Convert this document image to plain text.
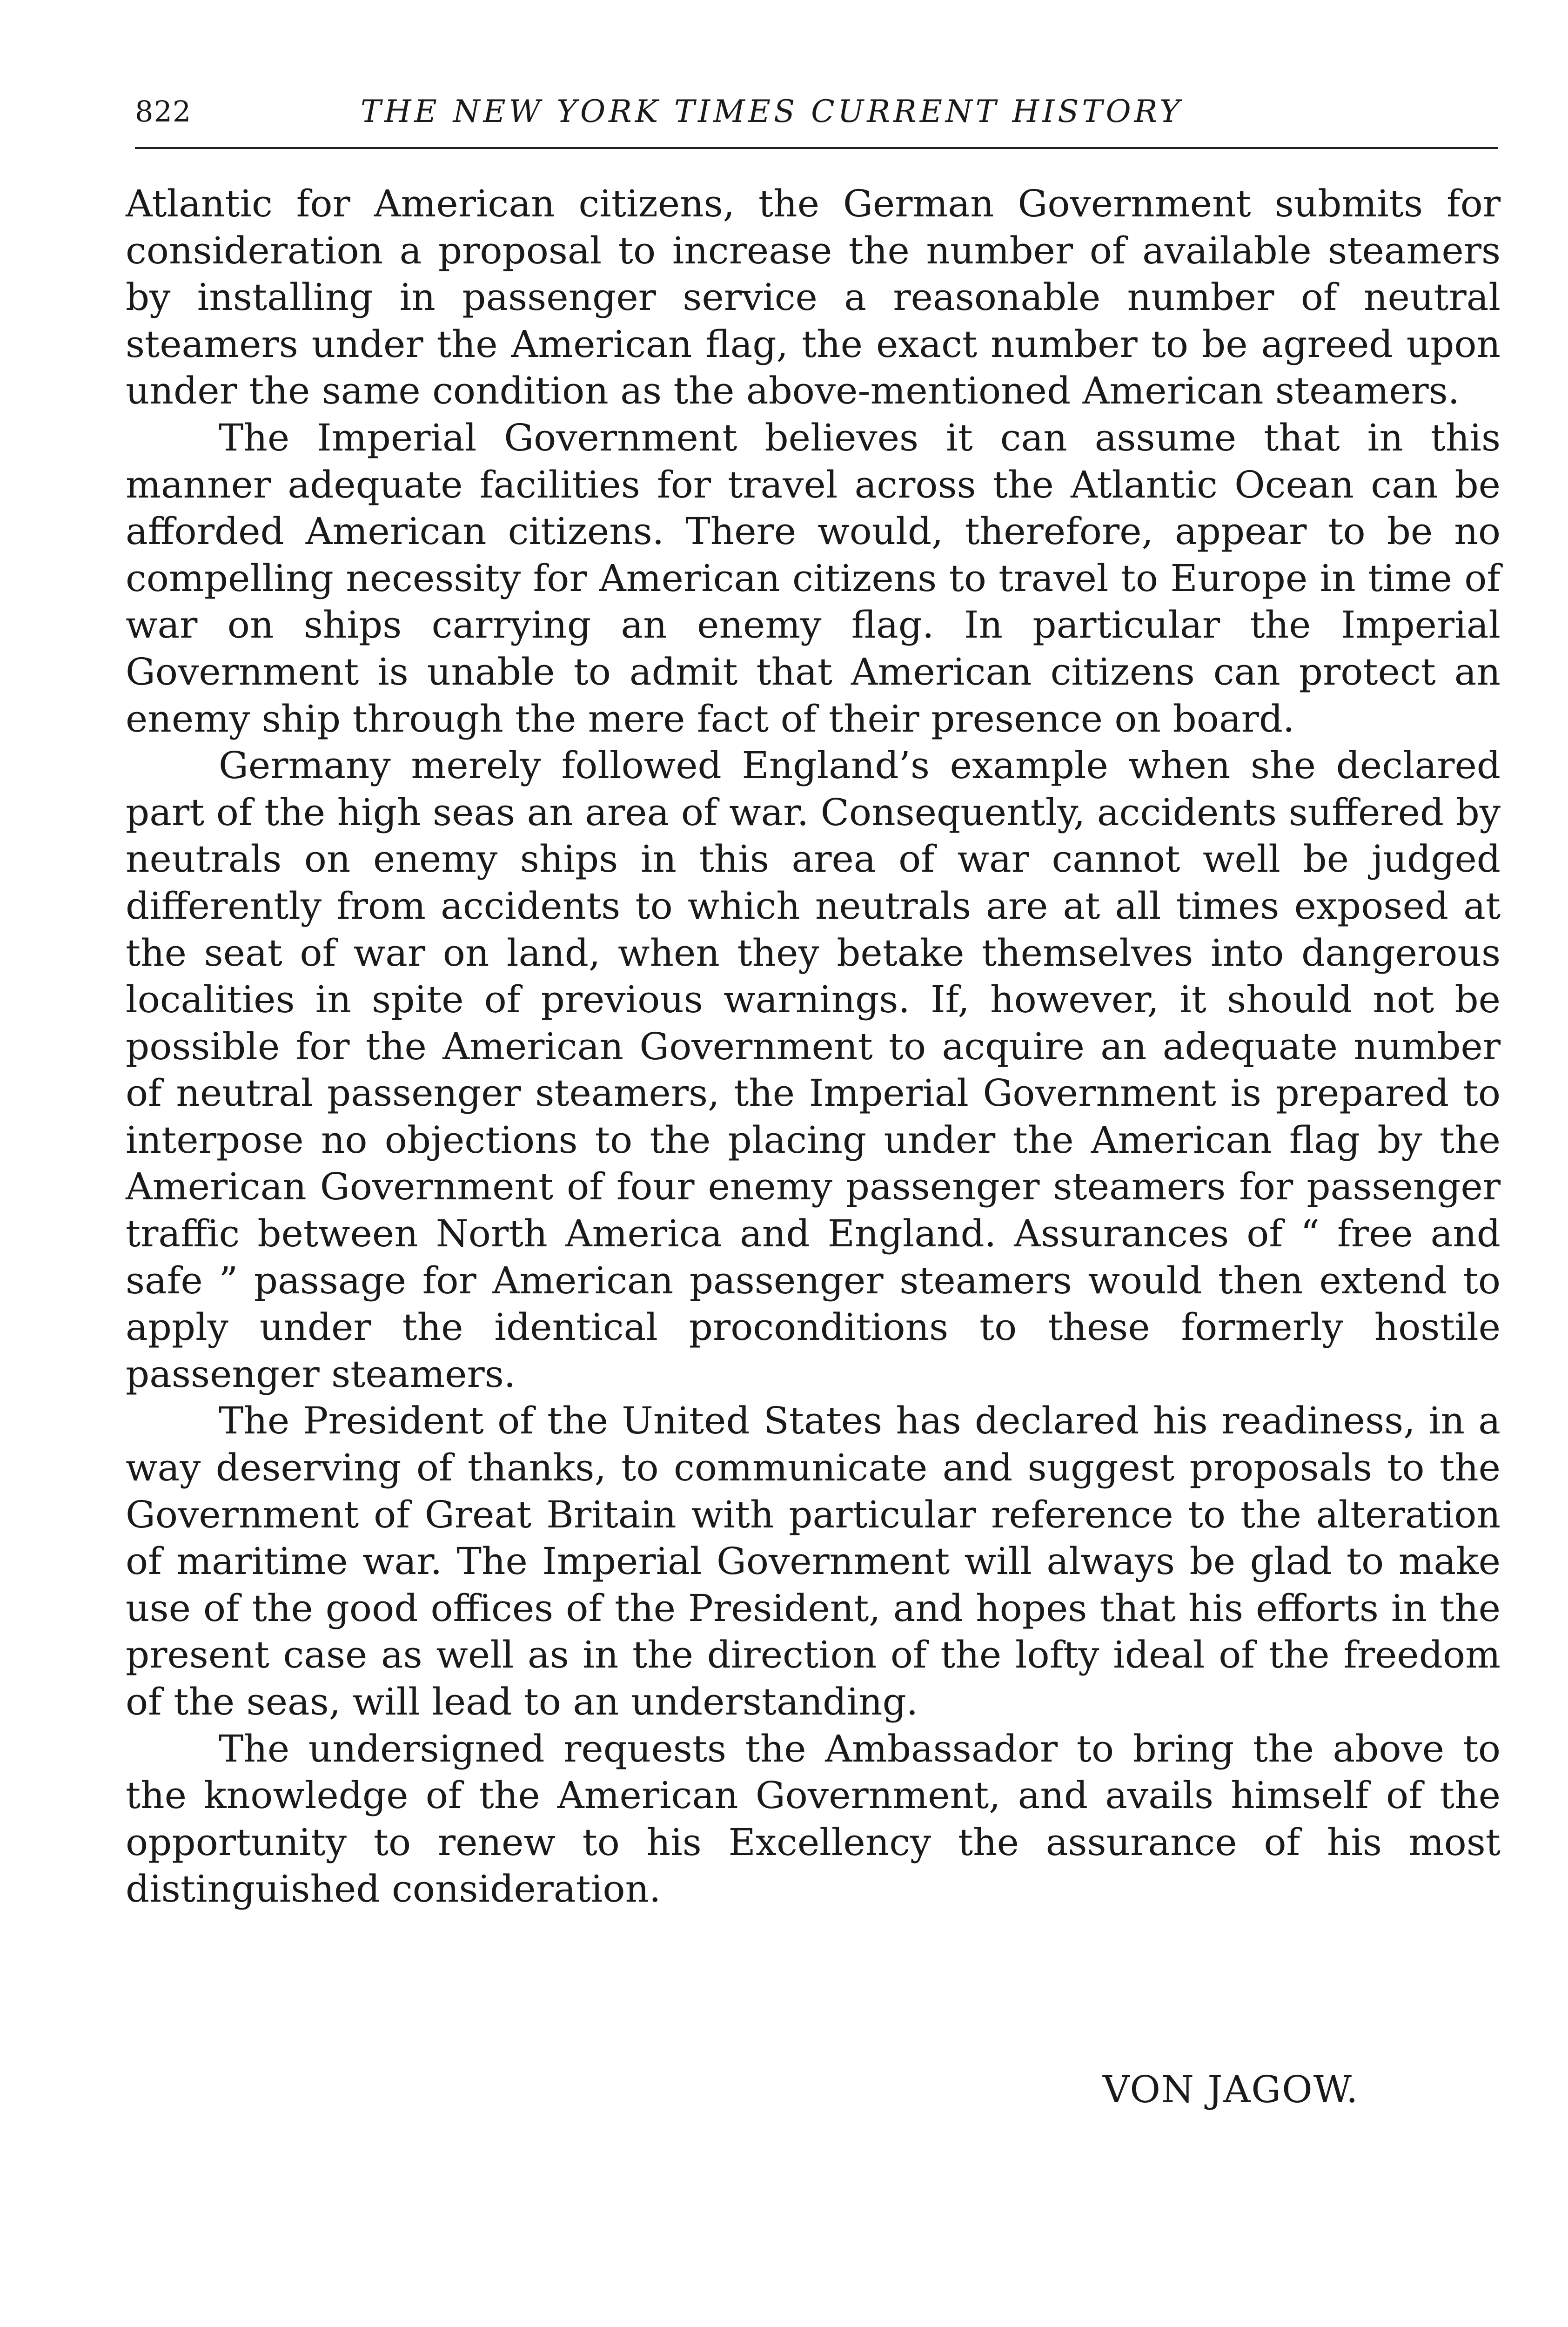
822	THE NEW YORK TIMES CURRENT HISTORY

Atlantic for American citizens, the German Government submits for consideration a proposal to increase the number of available steamers by installing in passenger service a reasonable number of neutral steamers under the American flag, the exact number to be agreed upon under the same condition as the above-mentioned American steamers.

The Imperial Government believes it can assume that in this manner adequate facilities for travel across the Atlantic Ocean can be afforded American citizens. There would, therefore, appear to be no compelling necessity for American citizens to travel to Europe in time of war on ships carrying an enemy flag. In particular the Imperial Government is unable to admit that American citizens can protect an enemy ship through the mere fact of their presence on board.

Germany merely followed England’s example when she declared part of the high seas an area of war. Consequently, accidents suffered by neutrals on enemy ships in this area of war cannot well be judged differently from accidents to which neutrals are at all times exposed at the seat of war on land, when they betake themselves into dangerous localities in spite of previous warnings. If, however, it should not be possible for the American Government to acquire an adequate number of neutral passenger steamers, the Imperial Government is prepared to interpose no objections to the placing under the American flag by the American Government of four enemy passenger steamers for passenger traffic between North America and England. Assurances of “ free and safe ” passage for American passenger steamers would then extend to apply under the identical proconditions to these formerly hostile passenger steamers.

The President of the United States has declared his readiness, in a way deserving of thanks, to communicate and suggest proposals to the Government of Great Britain with particular reference to the alteration of maritime war. The Imperial Government will always be glad to make use of the good offices of the President, and hopes that his efforts in the present case as well as in the direction of the lofty ideal of the freedom of the seas, will lead to an understanding.

The undersigned requests the Ambassador to bring the above to the knowledge of the American Government, and avails himself of the opportunity to renew to his Excellency the assurance of his most distinguished consideration.

VON JAGOW.
